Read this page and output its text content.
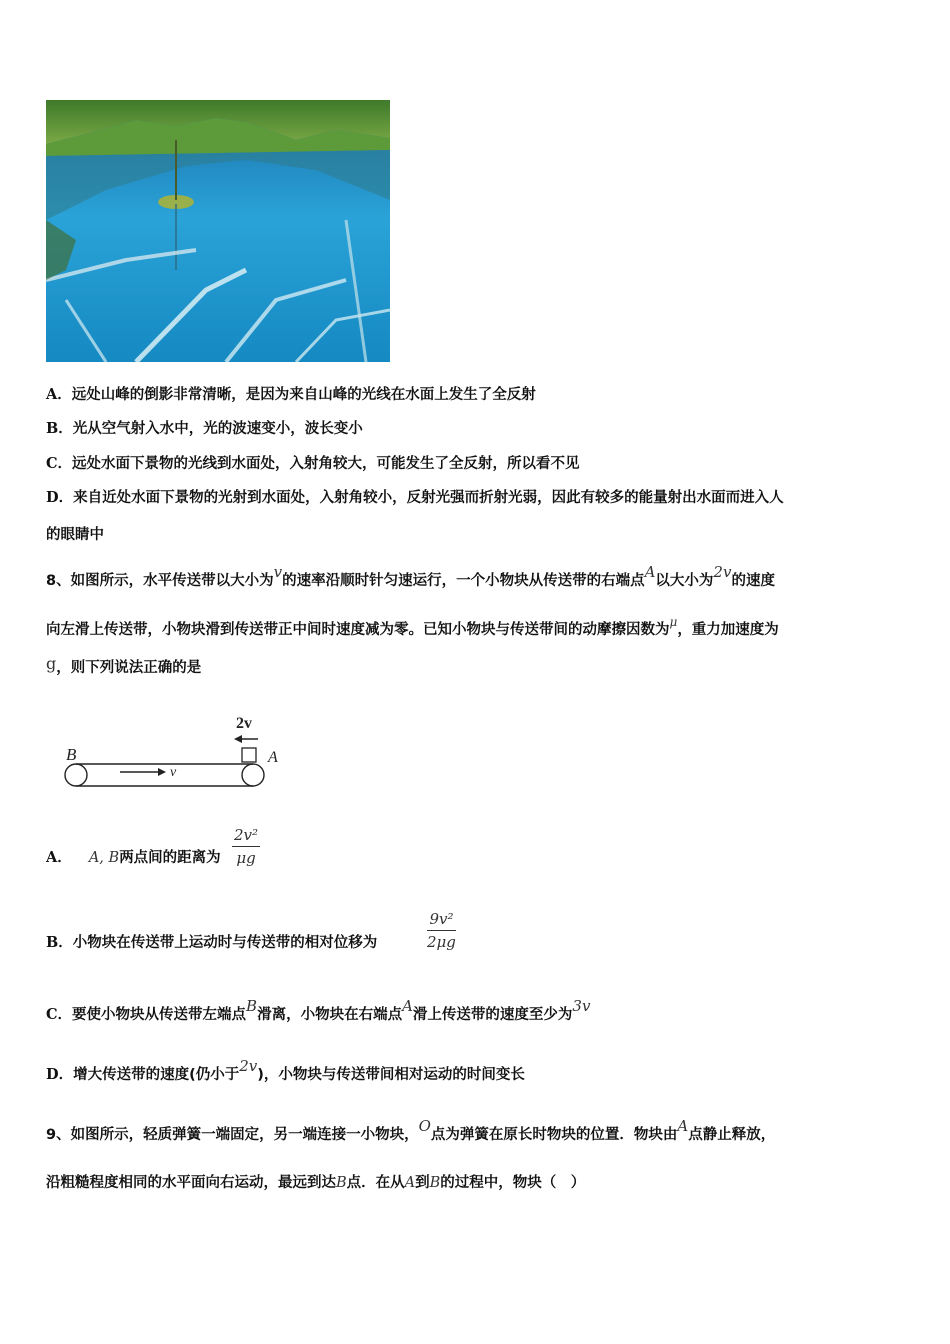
A．远处山峰的倒影非常清晰，是因为来自山峰的光线在水面上发生了全反射
B．光从空气射入水中，光的波速变小，波长变小
C．远处水面下景物的光线到水面处，入射角较大，可能发生了全反射，所以看不见
D．来自近处水面下景物的光射到水面处，入射角较小，反射光强而折射光弱，因此有较多的能量射出水面而进入人
的眼睛中
8、如图所示，水平传送带以大小为v的速率沿顺时针匀速运行，一个小物块从传送带的右端点A以大小为2v的速度
向左滑上传送带，小物块滑到传送带正中间时速度减为零。已知小物块与传送带间的动摩擦因数为$^\mu$，重力加速度为
g，则下列说法正确的是
2v
B	A
v
A． A, B两点间的距离为 $\frac{\text{2v²}}{\mu g}$
B．小物块在传送带上运动时与传送带的相对位移为	$\frac{\text{9v²}}{2\mu g}$
C．要使小物块从传送带左端点B滑离，小物块在右端点A滑上传送带的速度至少为3v
D．增大传送带的速度(仍小于2v)，小物块与传送带间相对运动的时间变长
9、如图所示，轻质弹簧一端固定，另一端连接一小物块，O点为弹簧在原长时物块的位置．物块由A点静止释放，
沿粗糙程度相同的水平面向右运动，最远到达B点．在从A到B的过程中，物块（　）
